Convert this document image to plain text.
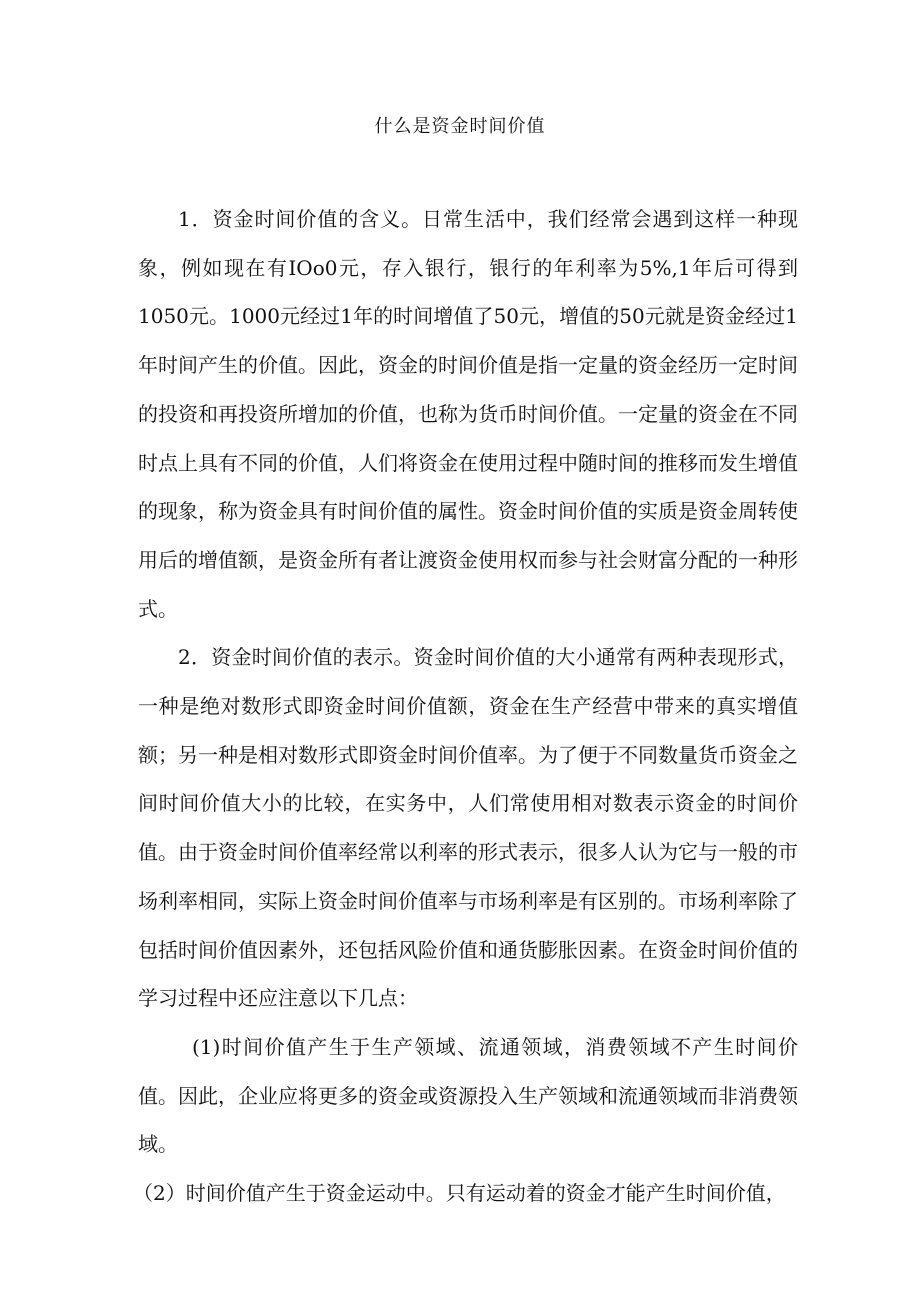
什么是资金时间价值

1．资金时间价值的含义。日常生活中，我们经常会遇到这样一种现象，例如现在有IOo0元，存入银行，银行的年利率为5%,1年后可得到1050元。1000元经过1年的时间增值了50元，增值的50元就是资金经过1年时间产生的价值。因此，资金的时间价值是指一定量的资金经历一定时间的投资和再投资所增加的价值，也称为货币时间价值。一定量的资金在不同时点上具有不同的价值，人们将资金在使用过程中随时间的推移而发生增值的现象，称为资金具有时间价值的属性。资金时间价值的实质是资金周转使用后的增值额，是资金所有者让渡资金使用权而参与社会财富分配的一种形式。

2．资金时间价值的表示。资金时间价值的大小通常有两种表现形式，一种是绝对数形式即资金时间价值额，资金在生产经营中带来的真实增值额；另一种是相对数形式即资金时间价值率。为了便于不同数量货币资金之间时间价值大小的比较，在实务中，人们常使用相对数表示资金的时间价值。由于资金时间价值率经常以利率的形式表示，很多人认为它与一般的市场利率相同，实际上资金时间价值率与市场利率是有区别的。市场利率除了包括时间价值因素外，还包括风险价值和通货膨胀因素。在资金时间价值的学习过程中还应注意以下几点：

(1)时间价值产生于生产领域、流通领域，消费领域不产生时间价值。因此，企业应将更多的资金或资源投入生产领域和流通领域而非消费领域。

（2）时间价值产生于资金运动中。只有运动着的资金才能产生时间价值，
